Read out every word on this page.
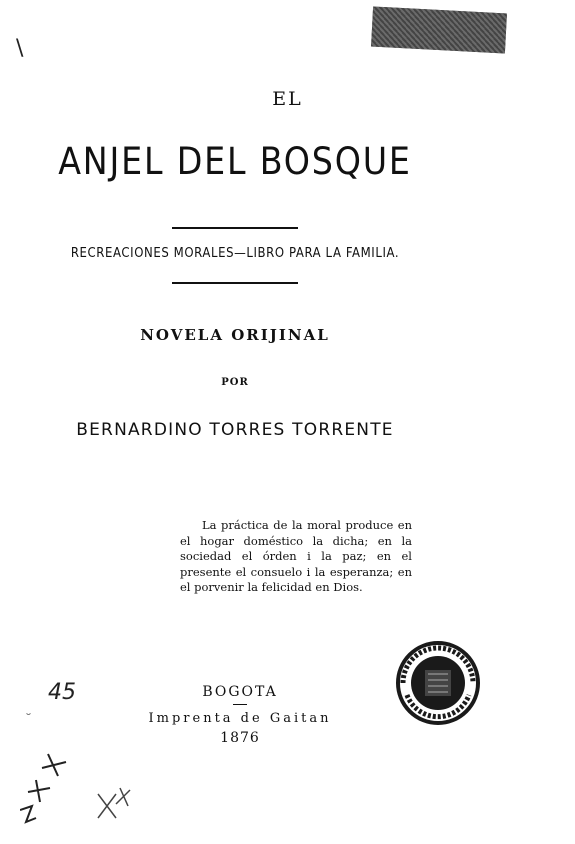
\
EL
ANJEL DEL BOSQUE
RECREACIONES MORALES—LIBRO PARA LA FAMILIA.
NOVELA ORIJINAL
POR
BERNARDINO TORRES TORRENTE

La práctica de la moral produce en el hogar doméstico la dicha; en la sociedad el órden i la paz; en el presente el consuelo i la esperanza; en el porvenir la felicidad en Dios.

BOGOTA
Imprenta de Gaitan
1876
45
˘
